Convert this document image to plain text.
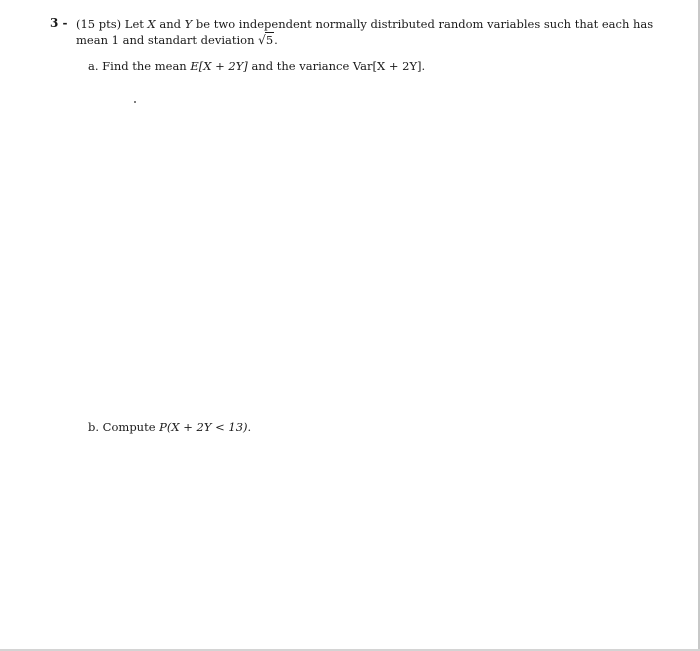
3 - (15 pts) Let X and Y be two independent normally distributed random variables such that each has
mean 1 and standart deviation √5.
a. Find the mean E[X + 2Y] and the variance Var[X + 2Y].
b. Compute P(X + 2Y < 13).
